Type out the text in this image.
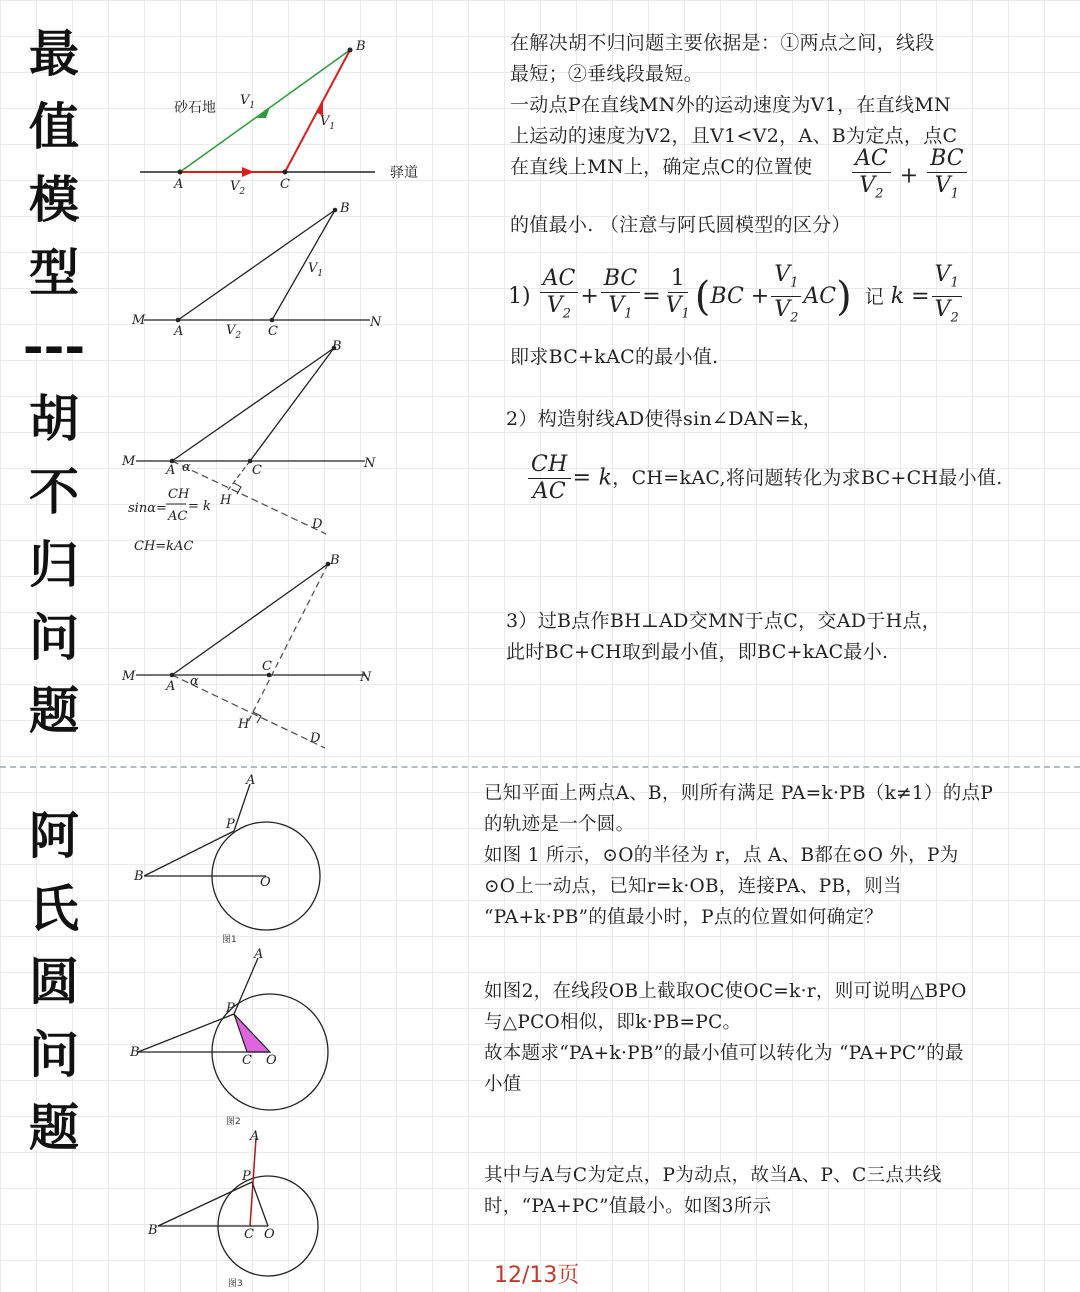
最
值
模
型
---
胡
不
归
问
题
阿
氏
圆
问
题
B
A	C
砂石地
驿道
$V_1$
$V_1$
$V_2$
M
A	C
N
B
$V_2$
$V_1$
M
A α	C	N
B
H
D
sinα=
CH
AC
= k
CH=kAC
M
A α
C
N
B
H
D
A
P
B	O
图1
A
P
B
C O
图2
A
P
B	C O
图3

在解决胡不归问题主要依据是：①两点之间，线段

最短；②垂线段最短。

一动点P在直线MN外的运动速度为V1，在直线MN

上运动的速度为V2，且V1<V2，A、B为定点，点C

在直线上MN上，确定点C的位置使	$\frac{AC}{V_2} + \frac{BC}{V_1}$

的值最小. （注意与阿氏圆模型的区分）

$1) \frac{AC}{V_2} + \frac{BC}{V_1} = \frac{1}{V_1} (BC + \frac{V_1}{V_2} AC)$ 记 $k = \frac{V_1}{V_2}$

即求BC+kAC的最小值.

2）构造射线AD使得sin∠DAN=k，

$\frac{CH}{AC} = k$ ，CH=kAC,将问题转化为求BC+CH最小值.

3）过B点作BH⊥AD交MN于点C，交AD于H点，

此时BC+CH取到最小值，即BC+kAC最小.

已知平面上两点A、B，则所有满足 PA=k·PB（k≠1）的点P

的轨迹是一个圆。

如图 1 所示，⊙O的半径为 r，点 A、B都在⊙O 外，P为

⊙O上一动点，已知r=k·OB，连接PA、PB，则当

“PA+k·PB”的值最小时，P点的位置如何确定？

如图2，在线段OB上截取OC使OC=k·r，则可说明△BPO

与△PCO相似，即k·PB=PC。

故本题求“PA+k·PB”的最小值可以转化为 “PA+PC”的最

小值

其中与A与C为定点，P为动点，故当A、P、C三点共线

时，“PA+PC”值最小。如图3所示

12/13页
